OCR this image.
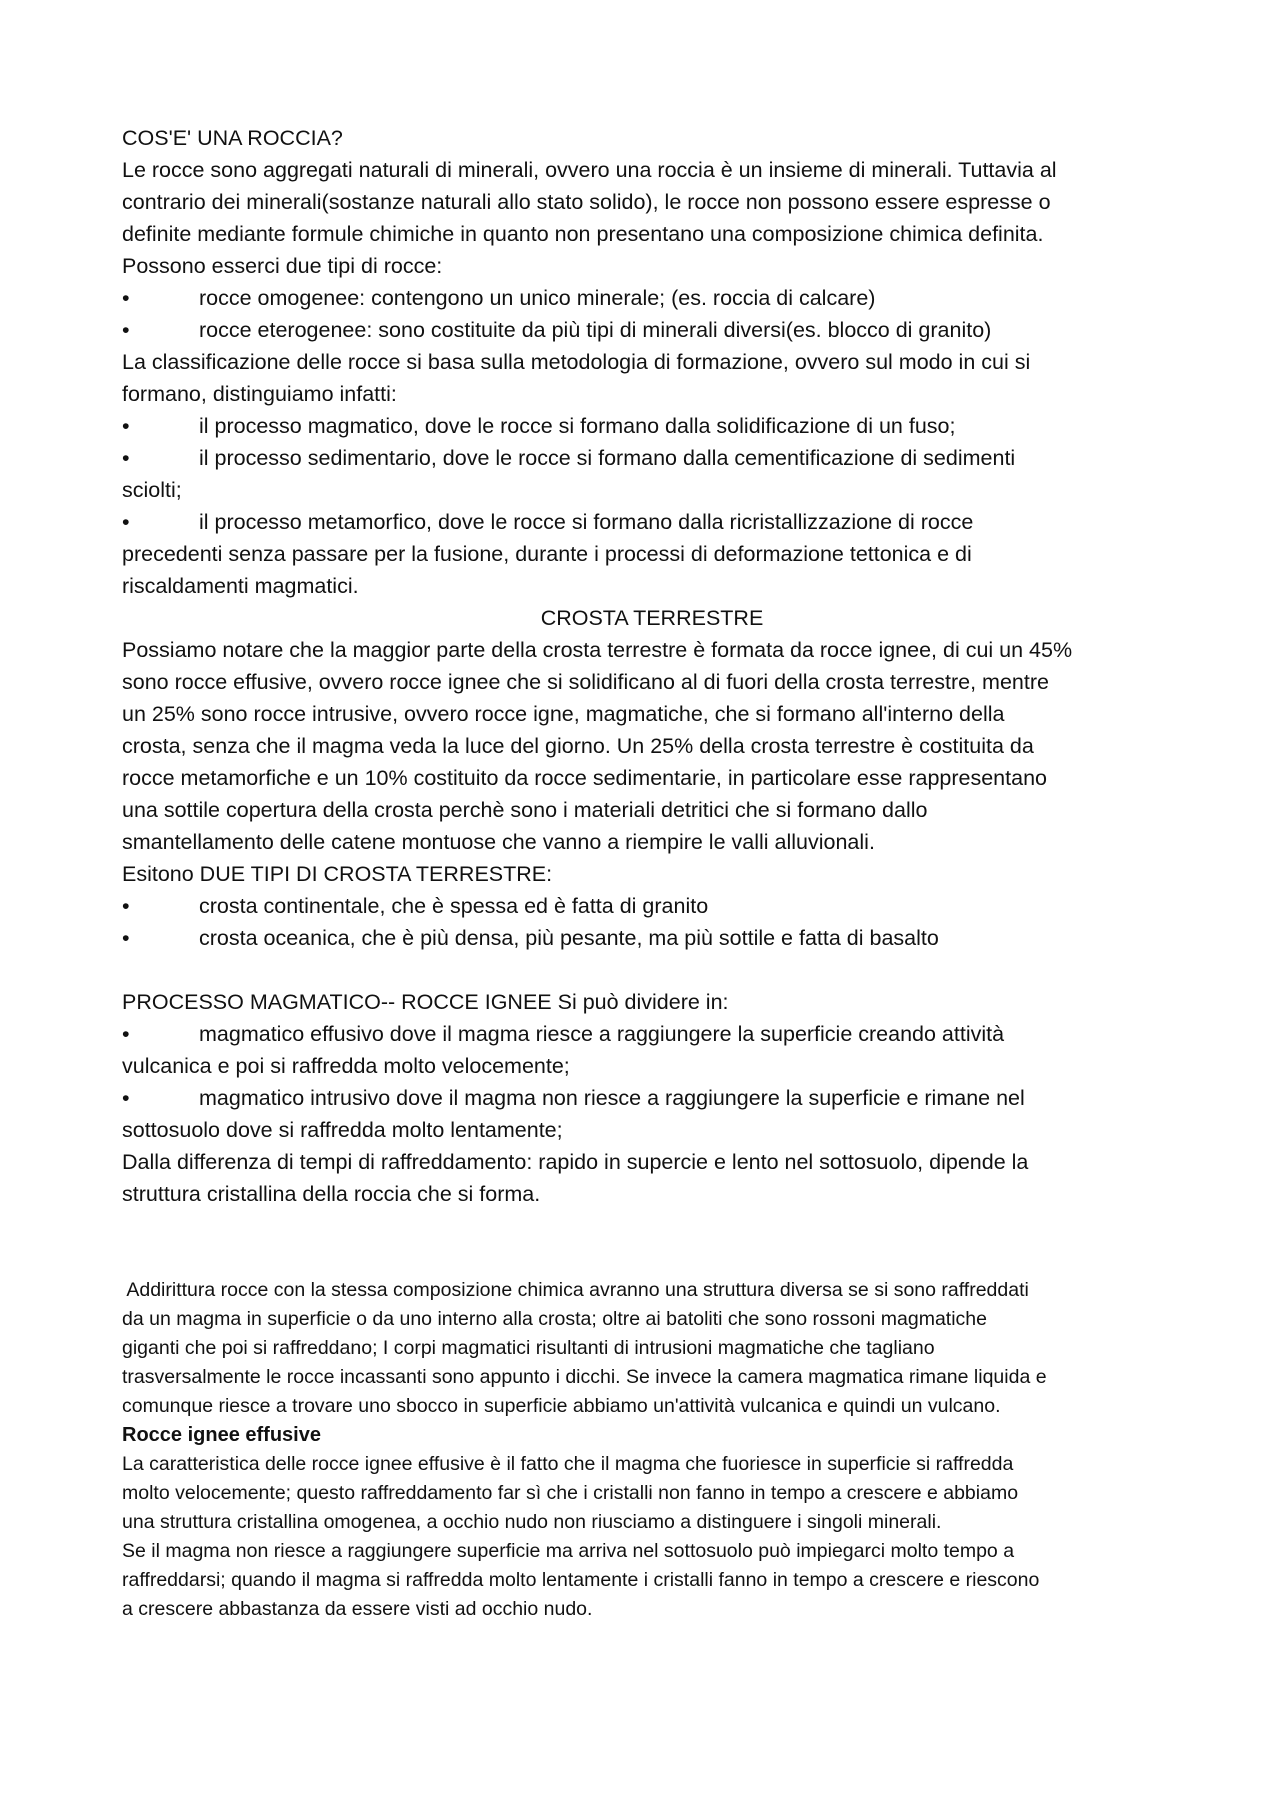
COS'E' UNA ROCCIA?

Le rocce sono aggregati naturali di minerali, ovvero una roccia è un insieme di minerali. Tuttavia al

contrario dei minerali(sostanze naturali allo stato solido), le rocce non possono essere espresse o

definite mediante formule chimiche in quanto non presentano una composizione chimica definita.

Possono esserci due tipi di rocce:

•	rocce omogenee: contengono un unico minerale; (es. roccia di calcare)
•	rocce eterogenee: sono costituite da più tipi di minerali diversi(es. blocco di granito)

La classificazione delle rocce si basa sulla metodologia di formazione, ovvero sul modo in cui si

formano, distinguiamo infatti:

•	il processo magmatico, dove le rocce si formano dalla solidificazione di un fuso;
•	il processo sedimentario, dove le rocce si formano dalla cementificazione di sedimenti

sciolti;

•	il processo metamorfico, dove le rocce si formano dalla ricristallizzazione di rocce

precedenti senza passare per la fusione, durante i processi di deformazione tettonica e di

riscaldamenti magmatici.

CROSTA TERRESTRE

Possiamo notare che la maggior parte della crosta terrestre è formata da rocce ignee, di cui un 45%

sono rocce effusive, ovvero rocce ignee che si solidificano al di fuori della crosta terrestre, mentre

un 25% sono rocce intrusive, ovvero rocce igne, magmatiche, che si formano all'interno della

crosta, senza che il magma veda la luce del giorno. Un 25% della crosta terrestre è costituita da

rocce metamorfiche e un 10% costituito da rocce sedimentarie, in particolare esse rappresentano

una sottile copertura della crosta perchè sono i materiali detritici che si formano dallo

smantellamento delle catene montuose che vanno a riempire le valli alluvionali.

Esitono DUE TIPI DI CROSTA TERRESTRE:

•	crosta continentale, che è spessa ed è fatta di granito
•	crosta oceanica, che è più densa, più pesante, ma più sottile e fatta di basalto

PROCESSO MAGMATICO-- ROCCE IGNEE Si può dividere in:

•	magmatico effusivo dove il magma riesce a raggiungere la superficie creando attività

vulcanica e poi si raffredda molto velocemente;

•	magmatico intrusivo dove il magma non riesce a raggiungere la superficie e rimane nel

sottosuolo dove si raffredda molto lentamente;

Dalla differenza di tempi di raffreddamento: rapido in supercie e lento nel sottosuolo, dipende la

struttura cristallina della roccia che si forma.

Addirittura rocce con la stessa composizione chimica avranno una struttura diversa se si sono raffreddati

da un magma in superficie o da uno interno alla crosta; oltre ai batoliti che sono rossoni magmatiche

giganti che poi si raffreddano; I corpi magmatici risultanti di intrusioni magmatiche che tagliano

trasversalmente le rocce incassanti sono appunto i dicchi. Se invece la camera magmatica rimane liquida e

comunque riesce a trovare uno sbocco in superficie abbiamo un'attività vulcanica e quindi un vulcano.

Rocce ignee effusive

La caratteristica delle rocce ignee effusive è il fatto che il magma che fuoriesce in superficie si raffredda

molto velocemente; questo raffreddamento far sì che i cristalli non fanno in tempo a crescere e abbiamo

una struttura cristallina omogenea, a occhio nudo non riusciamo a distinguere i singoli minerali.

Se il magma non riesce a raggiungere superficie ma arriva nel sottosuolo può impiegarci molto tempo a

raffreddarsi; quando il magma si raffredda molto lentamente i cristalli fanno in tempo a crescere e riescono

a crescere abbastanza da essere visti ad occhio nudo.
